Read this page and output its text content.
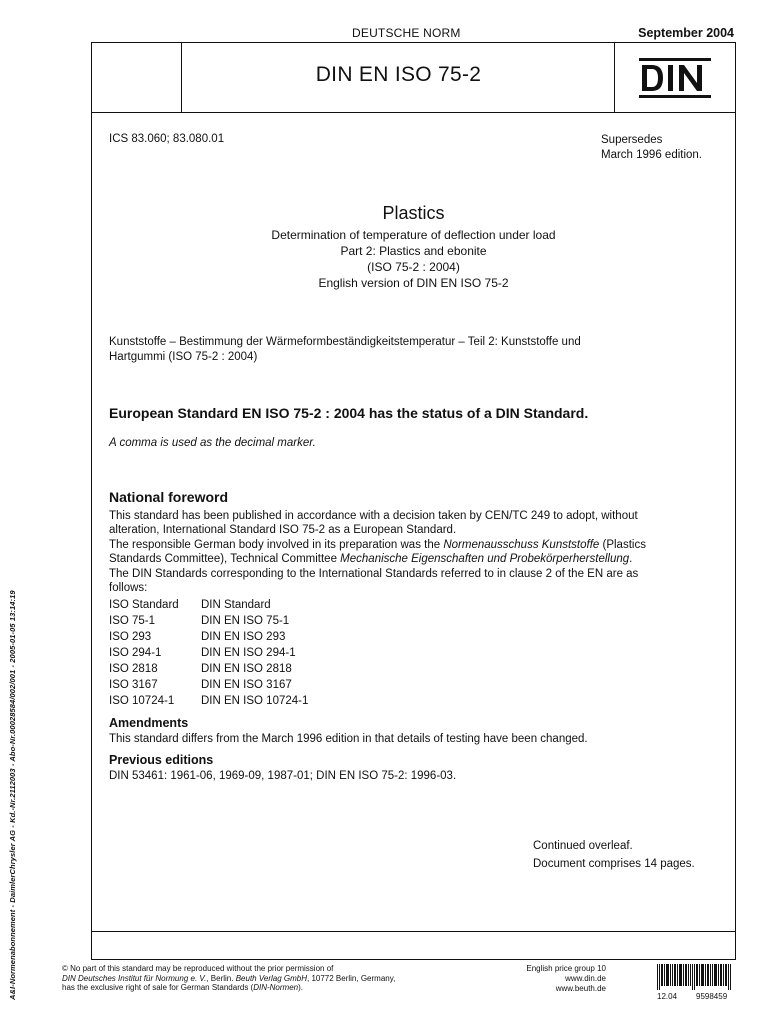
DEUTSCHE NORM	September 2004
A&I-Normenabonnement - DaimlerChrysler AG - Kd.-Nr.2112003 - Abo-Nr.00028584/002/001 - 2005-01-05 13:14:19
DIN EN ISO 75-2
ICS 83.060; 83.080.01	Supersedes
March 1996 edition.
Plastics
Determination of temperature of deflection under load
Part 2: Plastics and ebonite
(ISO 75-2 : 2004)
English version of DIN EN ISO 75-2
Kunststoffe – Bestimmung der Wärmeformbeständigkeitstemperatur – Teil 2: Kunststoffe und
Hartgummi (ISO 75-2 : 2004)
European Standard EN ISO 75-2 : 2004 has the status of a DIN Standard.
A comma is used as the decimal marker.
National foreword
This standard has been published in accordance with a decision taken by CEN/TC 249 to adopt, without
alteration, International Standard ISO 75-2 as a European Standard.
The responsible German body involved in its preparation was the Normenausschuss Kunststoffe (Plastics
Standards Committee), Technical Committee Mechanische Eigenschaften und Probekörperherstellung.
The DIN Standards corresponding to the International Standards referred to in clause 2 of the EN are as
follows:
ISO Standard	DIN Standard
ISO 75-1	DIN EN ISO 75-1
ISO 293	DIN EN ISO 293
ISO 294-1	DIN EN ISO 294-1
ISO 2818	DIN EN ISO 2818
ISO 3167	DIN EN ISO 3167
ISO 10724-1	DIN EN ISO 10724-1
Amendments
This standard differs from the March 1996 edition in that details of testing have been changed.
Previous editions
DIN 53461: 1961-06, 1969-09, 1987-01; DIN EN ISO 75-2: 1996-03.
Continued overleaf.
Document comprises 14 pages.
© No part of this standard may be reproduced without the prior permission of
DIN Deutsches Institut für Normung e. V., Berlin. Beuth Verlag GmbH, 10772 Berlin, Germany,
has the exclusive right of sale for German Standards (DIN-Normen).
English price group 10
www.din.de
www.beuth.de
12.04 9598459
